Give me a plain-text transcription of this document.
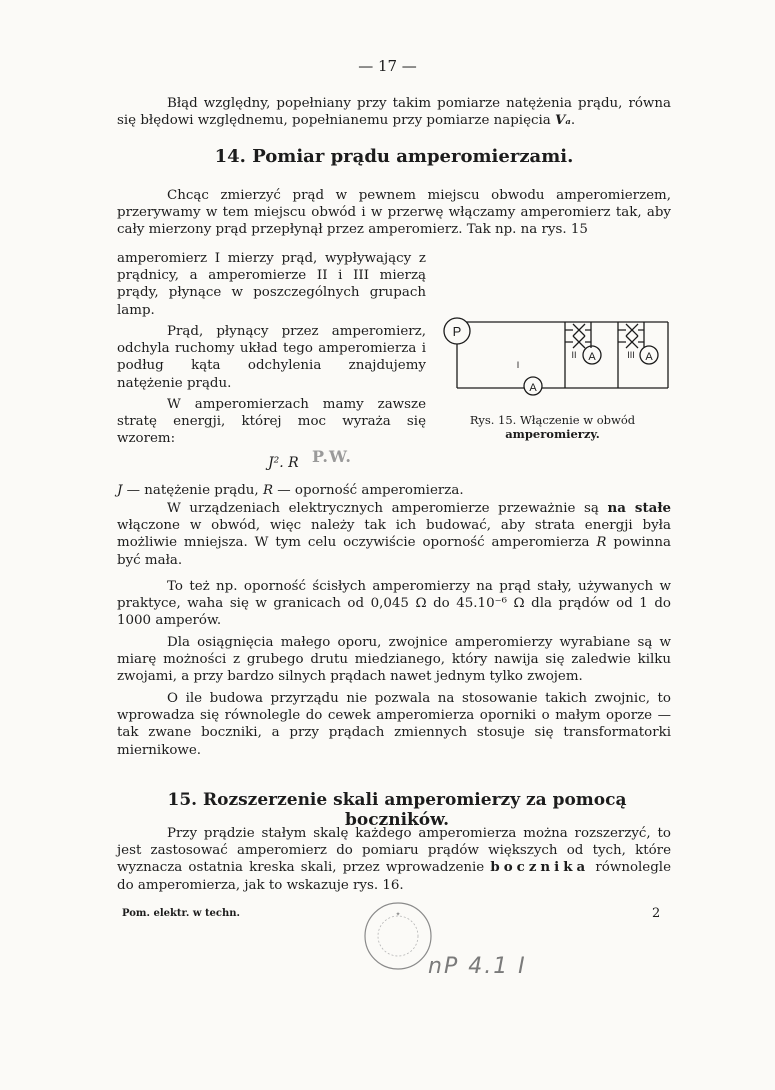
— 17 —

Błąd względny, popełniany przy takim pomiarze natężenia prądu, równa się błędowi względnemu, popełnianemu przy pomiarze napięcia Vₐ.

14. Pomiar prądu amperomierzami.

Chcąc zmierzyć prąd w pewnem miejscu obwodu amperomierzem, przerywamy w tem miejscu obwód i w przerwę włączamy amperomierz tak, aby cały mierzony prąd przepłynął przez amperomierz. Tak np. na rys. 15

amperomierz I mierzy prąd, wypływający z prądnicy, a amperomierze II i III mierzą prądy, płynące w poszczególnych grupach lamp.

Prąd, płynący przez amperomierz, odchyla ruchomy układ tego amperomierza i podług kąta odchylenia znajdujemy natężenie prądu.

W amperomierzach mamy zawsze stratę energji, której moc wyraża się wzorem:

J². R P.W.
P
A
A	A
I
II	III
Rys. 15. Włączenie w obwód
amperomierzy.

J — natężenie prądu, R — oporność amperomierza.

W urządzeniach elektrycznych amperomierze przeważnie są na stałe włączone w obwód, więc należy tak ich budować, aby strata energji była możliwie mniejsza. W tym celu oczywiście oporność amperomierza R powinna być mała.

To też np. oporność ścisłych amperomierzy na prąd stały, używanych w praktyce, waha się w granicach od 0,045 Ω do 45.10⁻⁶ Ω dla prądów od 1 do 1000 amperów.

Dla osiągnięcia małego oporu, zwojnice amperomierzy wyrabiane są w miarę możności z grubego drutu miedzianego, który nawija się zaledwie kilku zwojami, a przy bardzo silnych prądach nawet jednym tylko zwojem.

O ile budowa przyrządu nie pozwala na stosowanie takich zwojnic, to wprowadza się równolegle do cewek amperomierza oporniki o małym oporze — tak zwane boczniki, a przy prądach zmiennych stosuje się transformatorki miernikowe.

15. Rozszerzenie skali amperomierzy za pomocą boczników.

Przy prądzie stałym skalę każdego amperomierza można rozszerzyć, to jest zastosować amperomierz do pomiaru prądów większych od tych, które wyznacza ostatnia kreska skali, przez wprowadzenie bocznika równolegle do amperomierza, jak to wskazuje rys. 16.

Pom. elektr. w techn.	2
✦
nP 4.1 I
